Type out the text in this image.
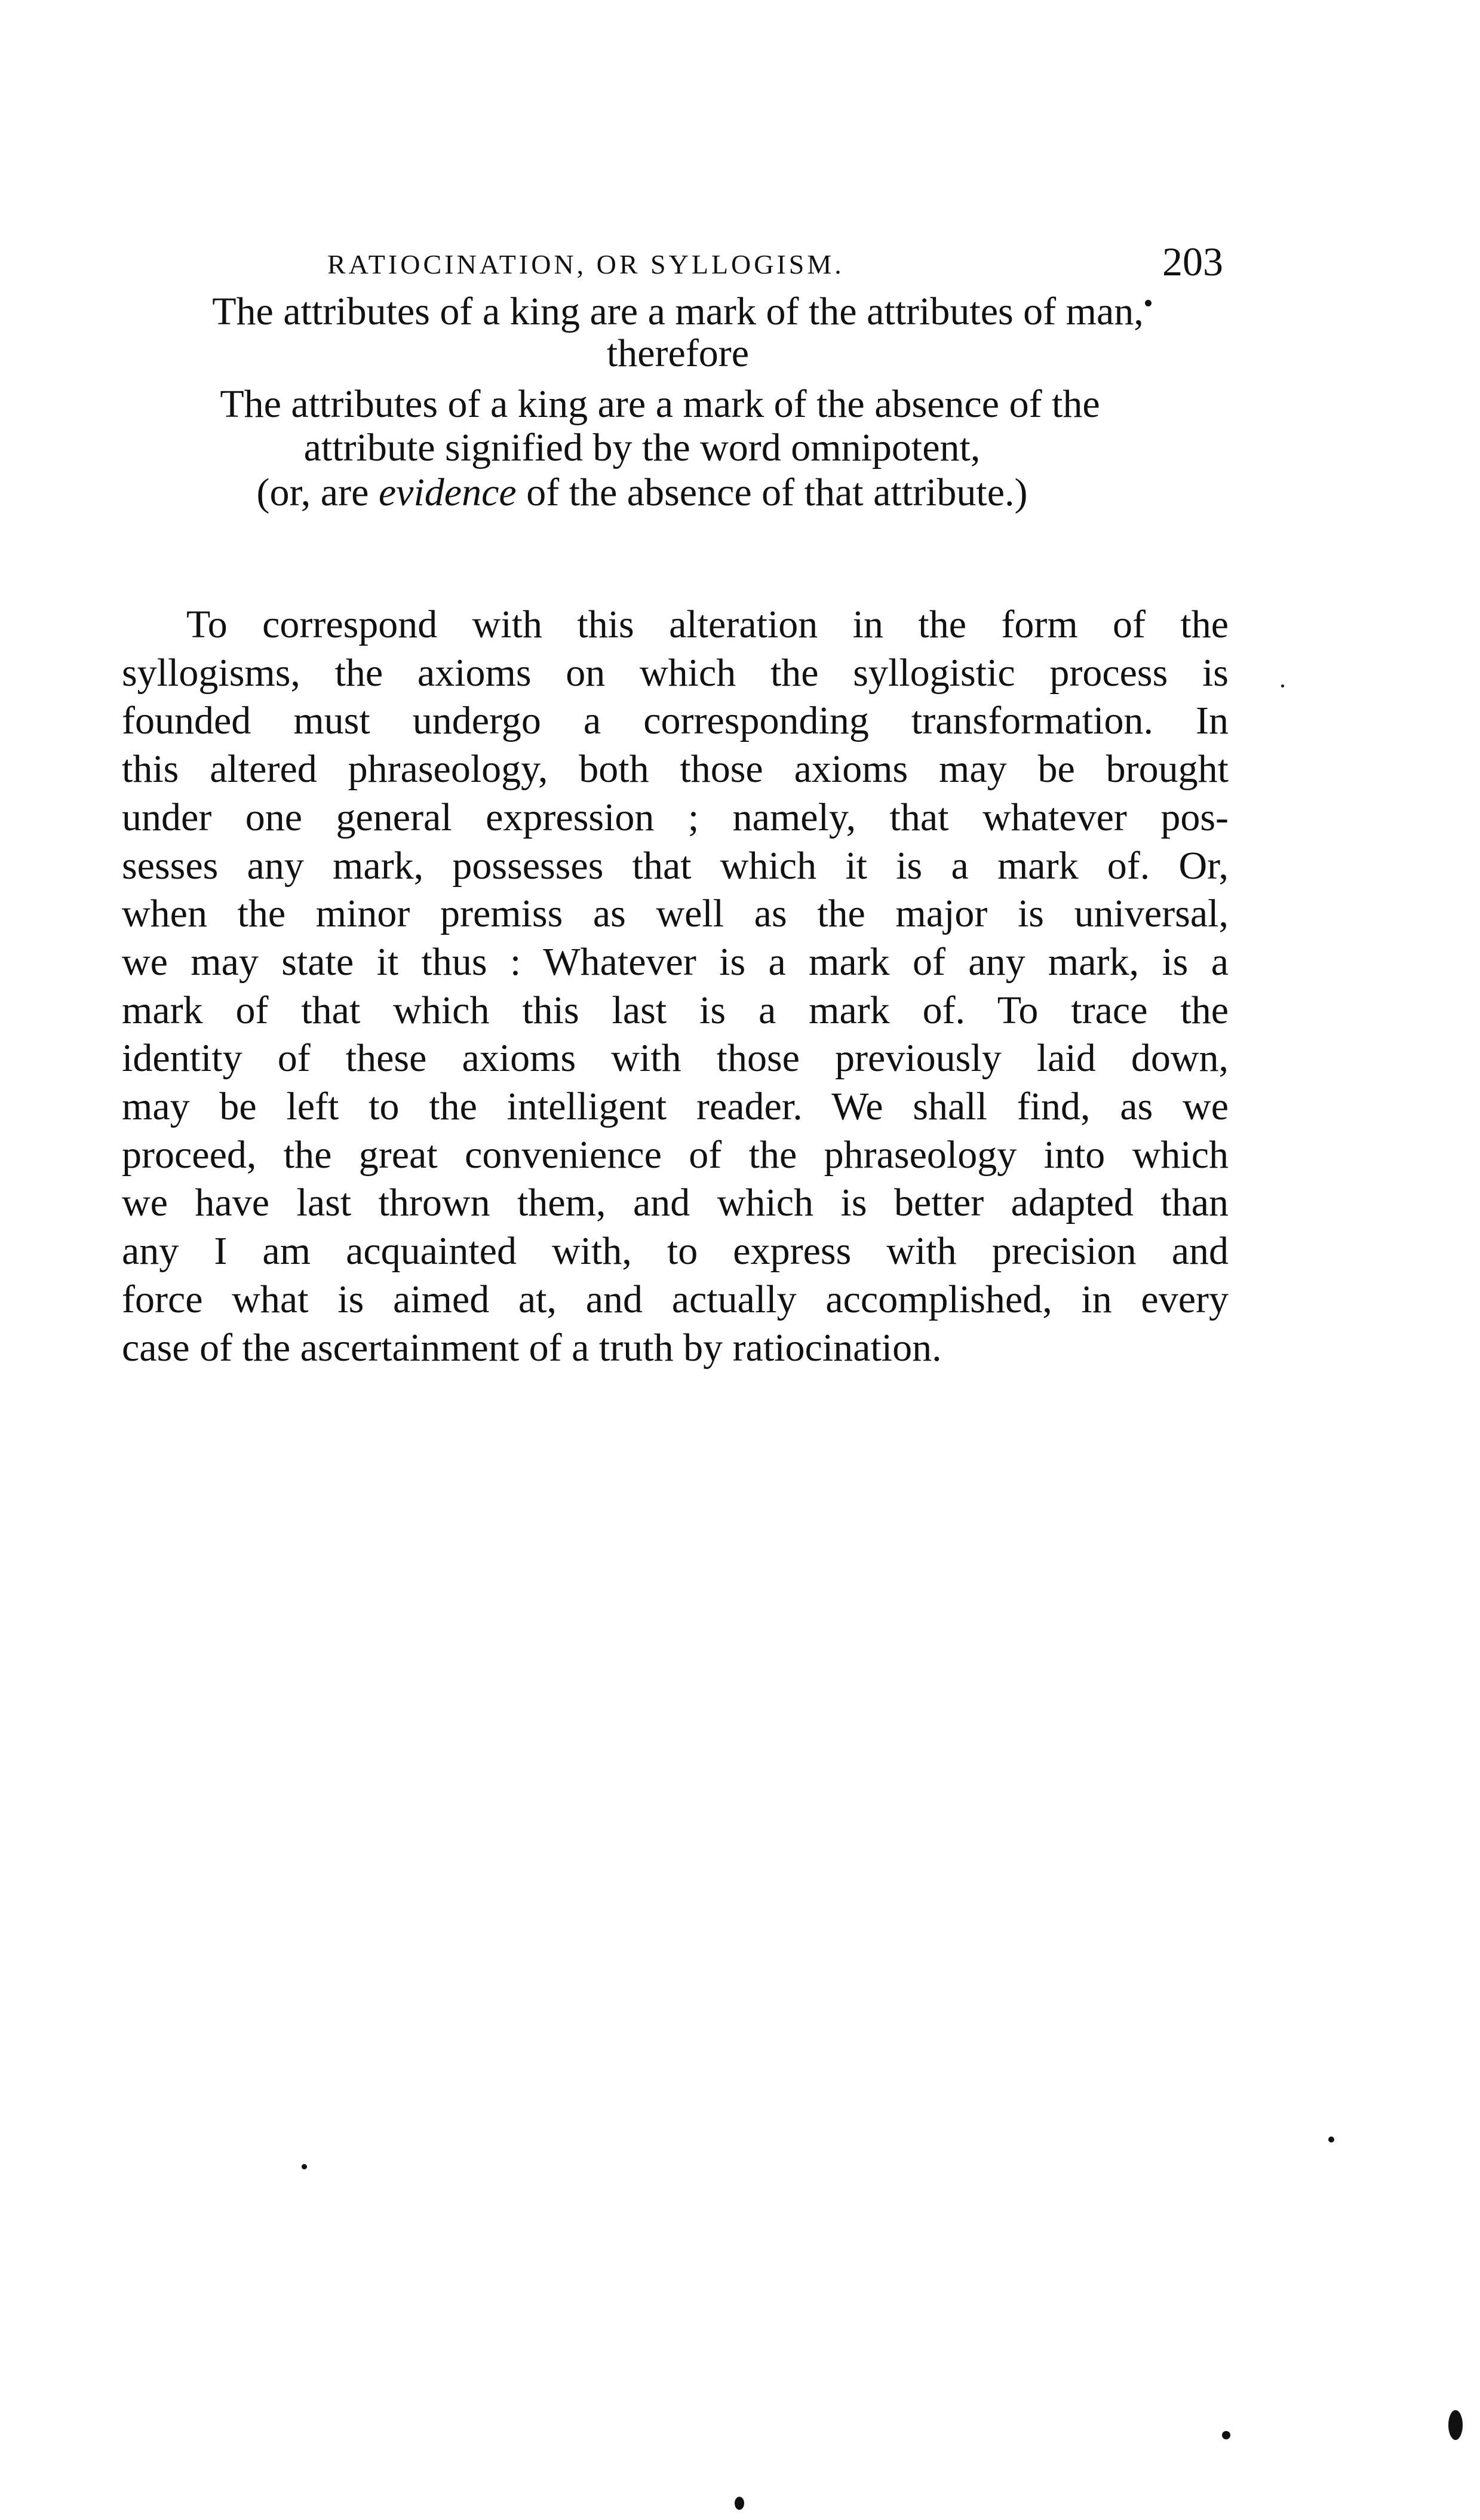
RATIOCINATION, OR SYLLOGISM.	203
The attributes of a king are a mark of the attributes of man,
therefore
The attributes of a king are a mark of the absence of the
attribute signified by the word omnipotent,
(or, are evidence of the absence of that attribute.)
To correspond with this alteration in the form of the
syllogisms, the axioms on which the syllogistic process is
founded must undergo a corresponding transformation. In
this altered phraseology, both those axioms may be brought
under one general expression ; namely, that whatever pos-
sesses any mark, possesses that which it is a mark of. Or,
when the minor premiss as well as the major is universal,
we may state it thus : Whatever is a mark of any mark, is a
mark of that which this last is a mark of. To trace the
identity of these axioms with those previously laid down,
may be left to the intelligent reader. We shall find, as we
proceed, the great convenience of the phraseology into which
we have last thrown them, and which is better adapted than
any I am acquainted with, to express with precision and
force what is aimed at, and actually accomplished, in every
case of the ascertainment of a truth by ratiocination.
